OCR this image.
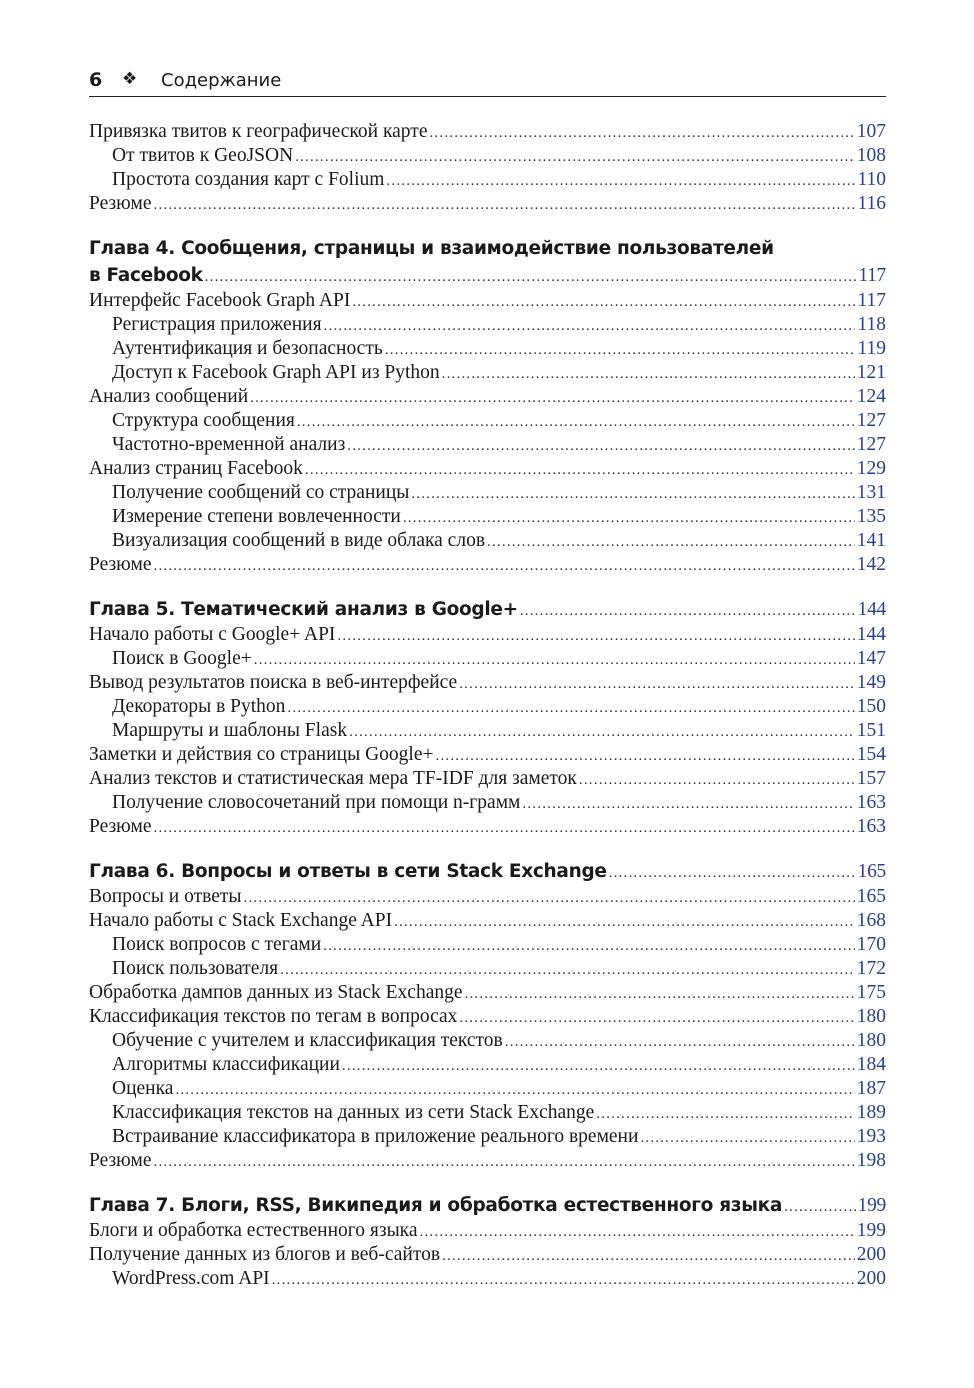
6 ❖ Содержание
Привязка твитов к географической карте .....	107
От твитов к GeoJSON .....	108
Простота создания карт с Folium .....	110
Резюме .....	116
Глава 4. Сообщения, страницы и взаимодействие пользователей
в Facebook .....	117
Интерфейс Facebook Graph API .....	117
Регистрация приложения .....	118
Аутентификация и безопасность .....	119
Доступ к Facebook Graph API из Python .....	121
Анализ сообщений .....	124
Структура сообщения .....	127
Частотно-временной анализ .....	127
Анализ страниц Facebook .....	129
Получение сообщений со страницы .....	131
Измерение степени вовлеченности .....	135
Визуализация сообщений в виде облака слов .....	141
Резюме .....	142
Глава 5. Тематический анализ в Google+ .....	144
Начало работы с Google+ API .....	144
Поиск в Google+ .....	147
Вывод результатов поиска в веб-интерфейсе .....	149
Декораторы в Python .....	150
Маршруты и шаблоны Flask .....	151
Заметки и действия со страницы Google+ .....	154
Анализ текстов и статистическая мера TF-IDF для заметок .....	157
Получение словосочетаний при помощи n-грамм .....	163
Резюме .....	163
Глава 6. Вопросы и ответы в сети Stack Exchange .....	165
Вопросы и ответы .....	165
Начало работы с Stack Exchange API .....	168
Поиск вопросов с тегами .....	170
Поиск пользователя .....	172
Обработка дампов данных из Stack Exchange .....	175
Классификация текстов по тегам в вопросах .....	180
Обучение с учителем и классификация текстов .....	180
Алгоритмы классификации .....	184
Оценка .....	187
Классификация текстов на данных из сети Stack Exchange .....	189
Встраивание классификатора в приложение реального времени .....	193
Резюме .....	198
Глава 7. Блоги, RSS, Википедия и обработка естественного языка .....	199
Блоги и обработка естественного языка .....	199
Получение данных из блогов и веб-сайтов .....	200
WordPress.com API .....	200
